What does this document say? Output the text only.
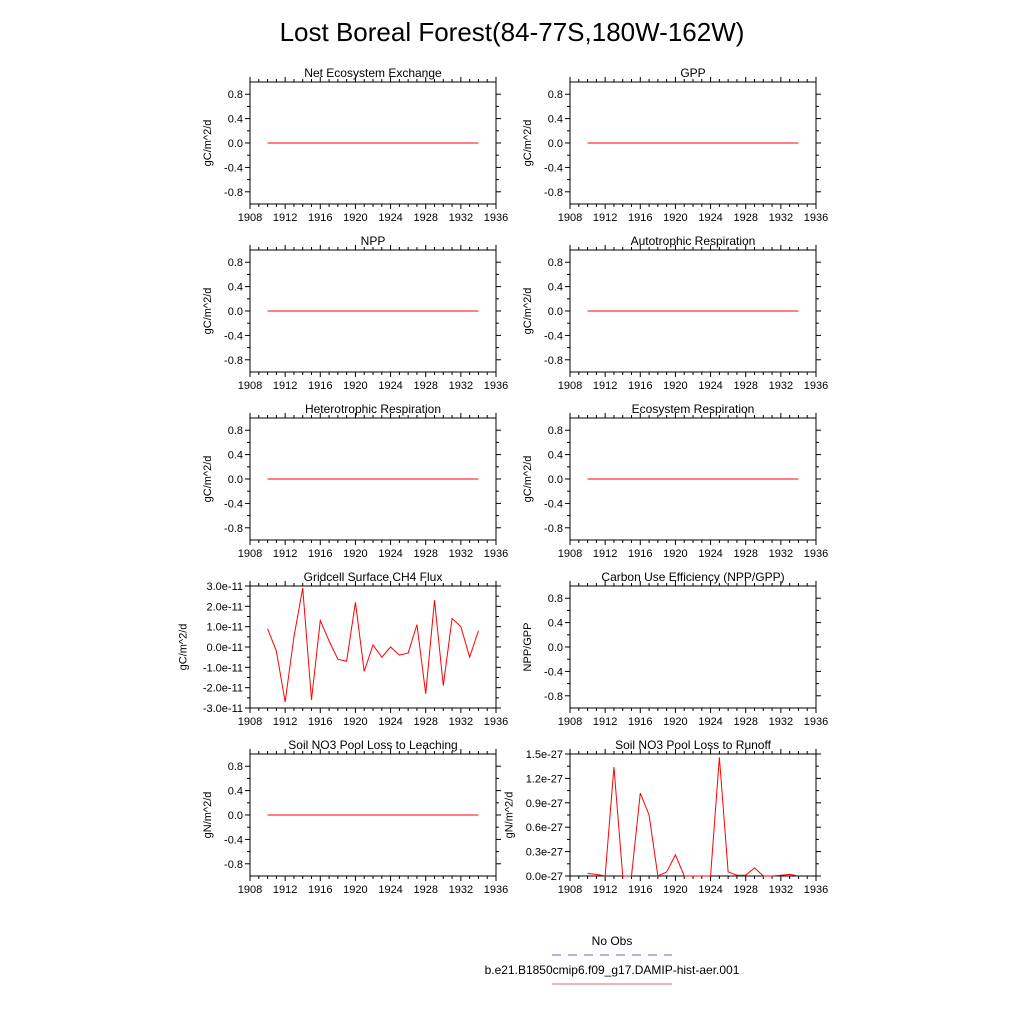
Lost Boreal Forest(84-77S,180W-162W)
Net Ecosystem Exchange
1908 1912 1916 1920 1924 1928 1932 1936
0.8
0.4
0.0
-0.4
-0.8
gC/m^2/d
GPP
1908 1912 1916 1920 1924 1928 1932 1936
0.8
0.4
0.0
-0.4
-0.8
gC/m^2/d
NPP
1908 1912 1916 1920 1924 1928 1932 1936
0.8
0.4
0.0
-0.4
-0.8
gC/m^2/d
Autotrophic Respiration
1908 1912 1916 1920 1924 1928 1932 1936
0.8
0.4
0.0
-0.4
-0.8
gC/m^2/d
Heterotrophic Respiration
1908 1912 1916 1920 1924 1928 1932 1936
0.8
0.4
0.0
-0.4
-0.8
gC/m^2/d
Ecosystem Respiration
1908 1912 1916 1920 1924 1928 1932 1936
0.8
0.4
0.0
-0.4
-0.8
gC/m^2/d
Gridcell Surface CH4 Flux
1908 1912 1916 1920 1924 1928 1932 1936
3.0e-11
2.0e-11
1.0e-11
0.0e-11
-1.0e-11
-2.0e-11
-3.0e-11
gC/m^2/d
Carbon Use Efficiency (NPP/GPP)
1908 1912 1916 1920 1924 1928 1932 1936
0.8
0.4
0.0
-0.4
-0.8
NPP/GPP
Soil NO3 Pool Loss to Leaching
1908 1912 1916 1920 1924 1928 1932 1936
0.8
0.4
0.0
-0.4
-0.8
gN/m^2/d
Soil NO3 Pool Loss to Runoff
1908 1912 1916 1920 1924 1928 1932 1936
1.5e-27
1.2e-27
0.9e-27
0.6e-27
0.3e-27
0.0e-27
gN/m^2/d
No Obs
b.e21.B1850cmip6.f09_g17.DAMIP-hist-aer.001
